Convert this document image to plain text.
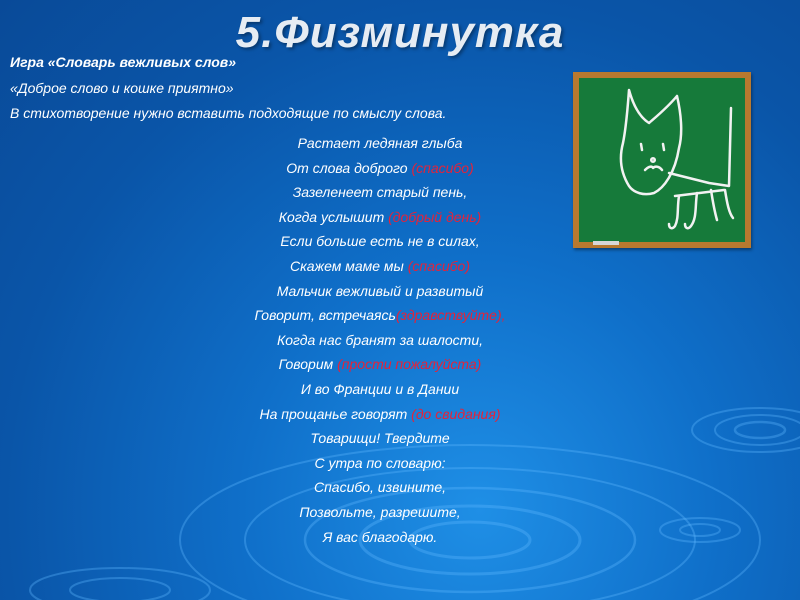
5.Физминутка
Игра «Словарь вежливых слов»
«Доброе слово и кошке приятно»
В стихотворение нужно вставить подходящие по смыслу слова.
Растает ледяная глыба
От слова доброго (спасибо)
Зазеленеет старый пень,
Когда услышит (добрый день)
Если больше есть не в силах,
Скажем маме мы (спасибо)
Мальчик вежливый и развитый
Говорит, встречаясь(здравствуйте),
Когда нас бранят за шалости,
Говорим (прости пожалуйста)
И во Франции и в Дании
На прощанье говорят (до свидания)
Товарищи! Твердите
С утра по словарю:
Спасибо, извините,
Позвольте, разрешите,
Я вас благодарю.
